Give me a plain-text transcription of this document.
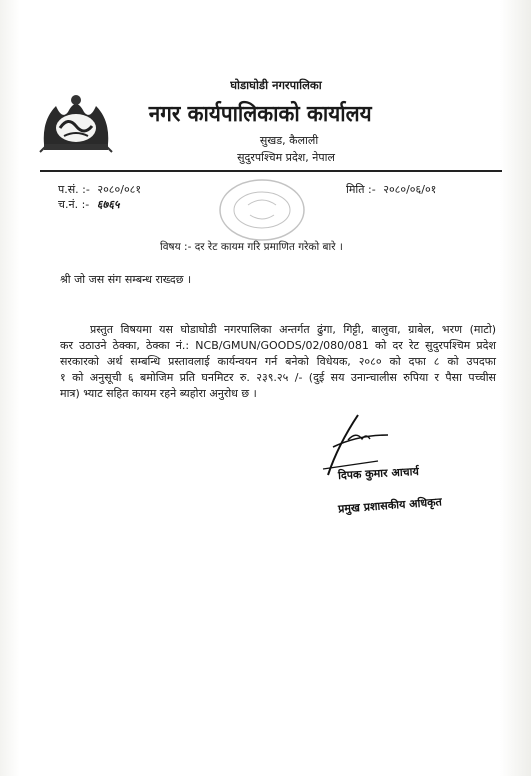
घोडाघोडी नगरपालिका
नगर कार्यपालिकाको कार्यालय
सुखड, कैलाली
सुदुरपश्चिम प्रदेश, नेपाल
प.सं. :- २०८०/०८१
च.नं. :- ६७६५
मिति :- २०८०/०६/०१
विषय :- दर रेट कायम गरि प्रमाणित गरेको बारे ।
श्री जो जस संग सम्बन्ध राख्दछ ।
प्रस्तुत विषयमा यस घोडाघोडी नगरपालिका अन्तर्गत ढुंगा, गिट्टी, बालुवा, ग्राबेल, भरण (माटो)
कर उठाउने ठेक्का, ठेक्का नं.: NCB/GMUN/GOODS/02/080/081 को दर रेट सुदुरपश्चिम प्रदेश
सरकारको अर्थ सम्बन्धि प्रस्तावलाई कार्यन्वयन गर्न बनेको विधेयक, २०८० को दफा ८ को उपदफा
१ को अनुसूची ६ बमोजिम प्रति घनमिटर रु. २३९.२५ /- (दुई सय उनान्चालीस रुपिया र पैसा पच्चीस
मात्र) भ्याट सहित कायम रहने ब्यहोरा अनुरोध छ ।
दिपक कुमार आचार्य
प्रमुख प्रशासकीय अधिकृत
